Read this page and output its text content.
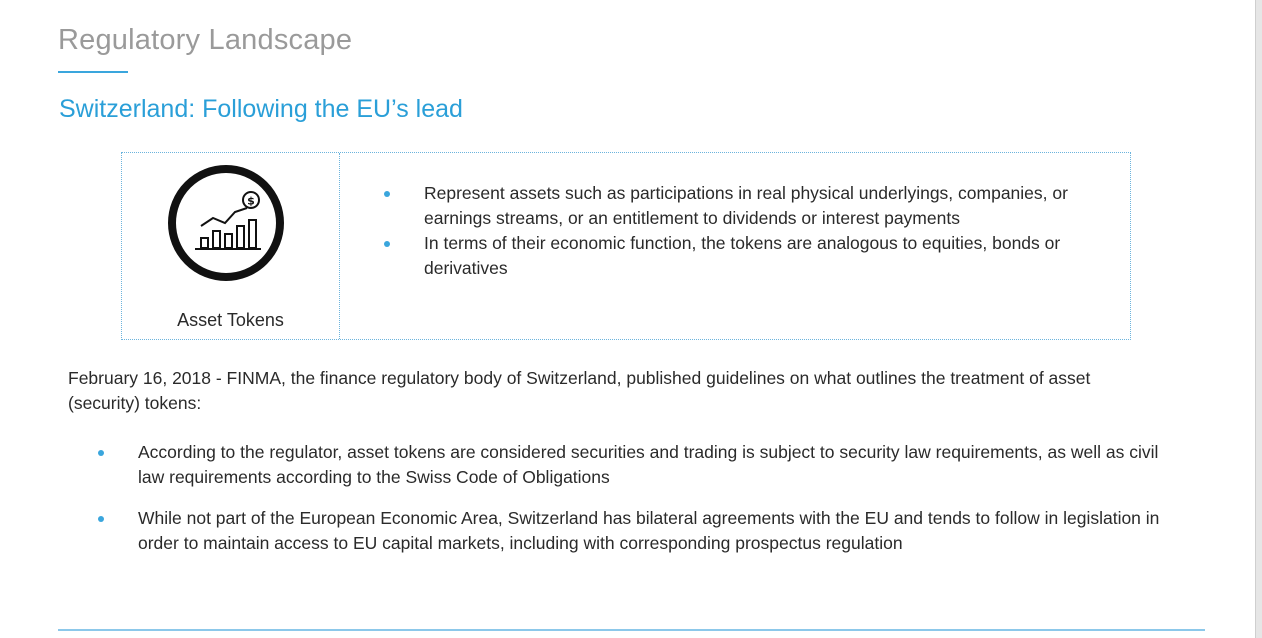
Regulatory Landscape
Switzerland: Following the EU’s lead
$
Asset Tokens
Represent assets such as participations in real physical underlyings, companies, or earnings streams, or an entitlement to dividends or interest payments
In terms of their economic function, the tokens are analogous to equities, bonds or derivatives
February 16, 2018 - FINMA, the finance regulatory body of Switzerland, published guidelines on what outlines the treatment of asset (security) tokens:
According to the regulator, asset tokens are considered securities and trading is subject to security law requirements, as well as civil law requirements according to the Swiss Code of Obligations
While not part of the European Economic Area, Switzerland has bilateral agreements with the EU and tends to follow in legislation in order to maintain access to EU capital markets, including with corresponding prospectus regulation
